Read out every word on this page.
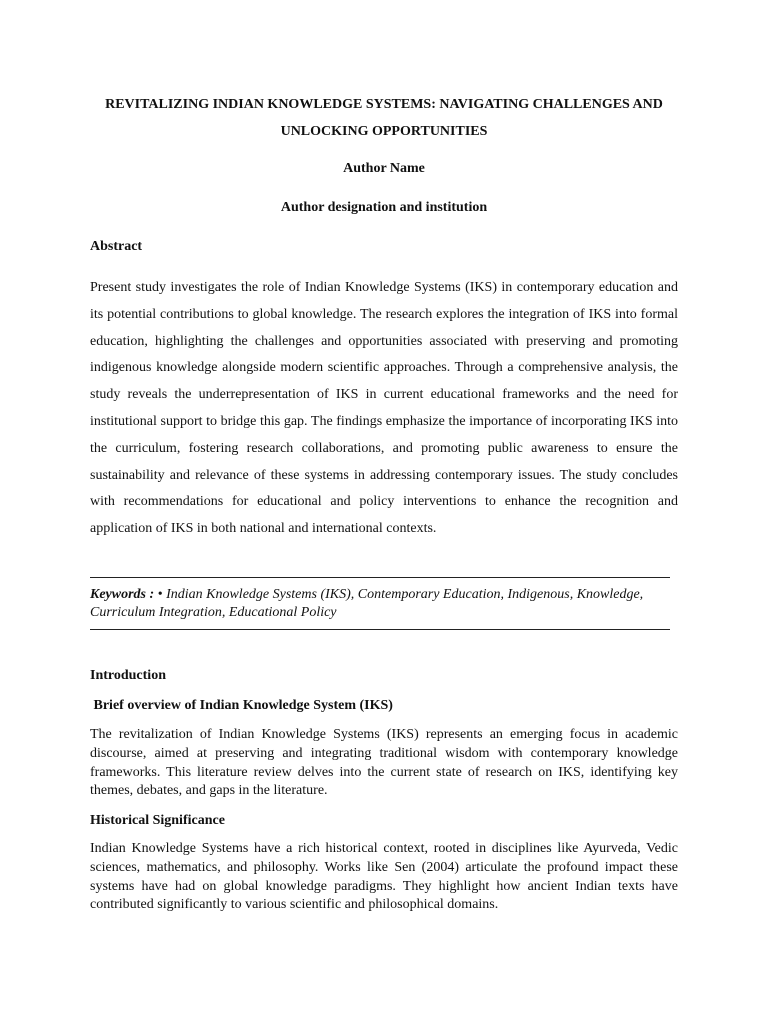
REVITALIZING INDIAN KNOWLEDGE SYSTEMS: NAVIGATING CHALLENGES AND UNLOCKING OPPORTUNITIES
Author Name
Author designation and institution
Abstract

Present study investigates the role of Indian Knowledge Systems (IKS) in contemporary education and its potential contributions to global knowledge. The research explores the integration of IKS into formal education, highlighting the challenges and opportunities associated with preserving and promoting indigenous knowledge alongside modern scientific approaches. Through a comprehensive analysis, the study reveals the underrepresentation of IKS in current educational frameworks and the need for institutional support to bridge this gap. The findings emphasize the importance of incorporating IKS into the curriculum, fostering research collaborations, and promoting public awareness to ensure the sustainability and relevance of these systems in addressing contemporary issues. The study concludes with recommendations for educational and policy interventions to enhance the recognition and application of IKS in both national and international contexts.

Keywords : • Indian Knowledge Systems (IKS), Contemporary Education, Indigenous, Knowledge, Curriculum Integration, Educational Policy

Introduction
Brief overview of Indian Knowledge System (IKS)

The revitalization of Indian Knowledge Systems (IKS) represents an emerging focus in academic discourse, aimed at preserving and integrating traditional wisdom with contemporary knowledge frameworks. This literature review delves into the current state of research on IKS, identifying key themes, debates, and gaps in the literature.

Historical Significance

Indian Knowledge Systems have a rich historical context, rooted in disciplines like Ayurveda, Vedic sciences, mathematics, and philosophy. Works like Sen (2004) articulate the profound impact these systems have had on global knowledge paradigms. They highlight how ancient Indian texts have contributed significantly to various scientific and philosophical domains.
